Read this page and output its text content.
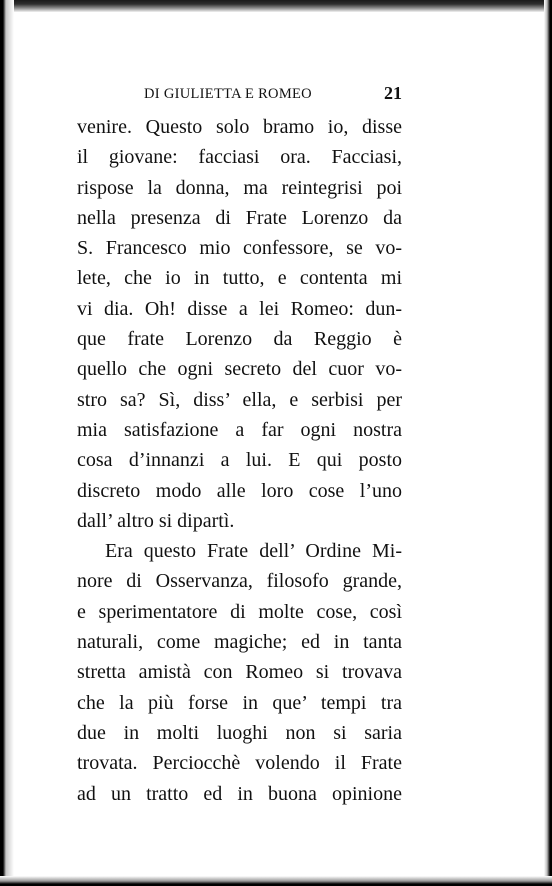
DI GIULIETTA E ROMEO	21
venire. Questo solo bramo io, disse
il giovane: facciasi ora. Facciasi,
rispose la donna, ma reintegrisi poi
nella presenza di Frate Lorenzo da
S. Francesco mio confessore, se vo-
lete, che io in tutto, e contenta mi
vi dia. Oh! disse a lei Romeo: dun-
que frate Lorenzo da Reggio è
quello che ogni secreto del cuor vo-
stro sa? Sì, diss’ ella, e serbisi per
mia satisfazione a far ogni nostra
cosa d’innanzi a lui. E qui posto
discreto modo alle loro cose l’uno
dall’ altro si dipartì.
Era questo Frate dell’ Ordine Mi-
nore di Osservanza, filosofo grande,
e sperimentatore di molte cose, così
naturali, come magiche; ed in tanta
stretta amistà con Romeo si trovava
che la più forse in que’ tempi tra
due in molti luoghi non si saria
trovata. Perciocchè volendo il Frate
ad un tratto ed in buona opinione
